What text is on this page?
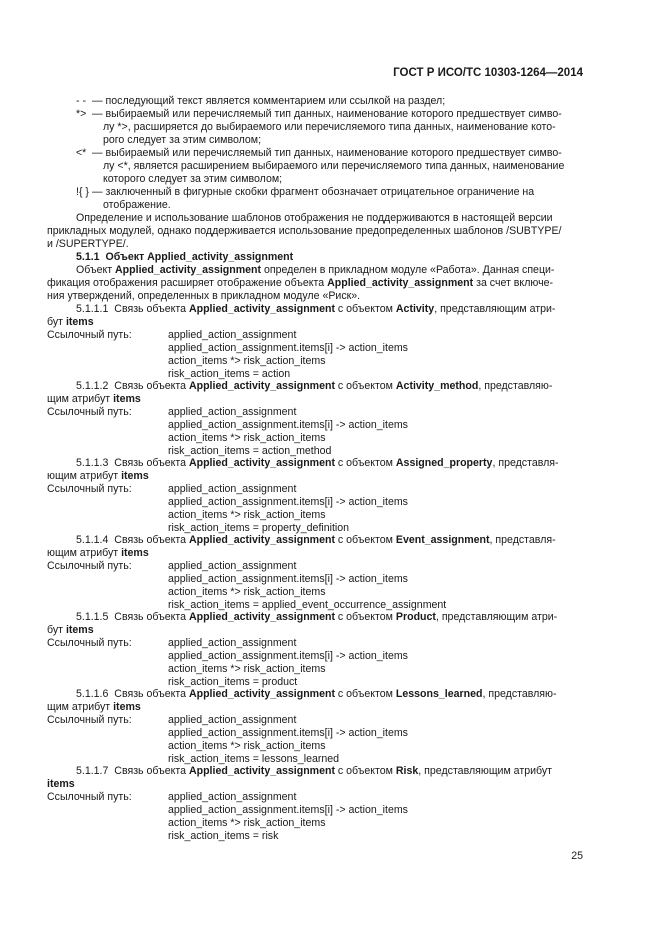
ГОСТ Р ИСО/ТС 10303-1264—2014
- - — последующий текст является комментарием или ссылкой на раздел;
*> — выбираемый или перечисляемый тип данных, наименование которого предшествует симво-
лу *>, расширяется до выбираемого или перечисляемого типа данных, наименование кото-
рого следует за этим символом;
<* — выбираемый или перечисляемый тип данных, наименование которого предшествует симво-
лу <*, является расширением выбираемого или перечисляемого типа данных, наименование
которого следует за этим символом;
!{ } — заключенный в фигурные скобки фрагмент обозначает отрицательное ограничение на
отображение.
Определение и использование шаблонов отображения не поддерживаются в настоящей версии
прикладных модулей, однако поддерживается использование предопределенных шаблонов /SUBTYPE/
и /SUPERTYPE/.
5.1.1 Объект Applied_activity_assignment
Объект Applied_activity_assignment определен в прикладном модуле «Работа». Данная специ-
фикация отображения расширяет отображение объекта Applied_activity_assignment за счет включе-
ния утверждений, определенных в прикладном модуле «Риск».
5.1.1.1 Связь объекта Applied_activity_assignment с объектом Activity, представляющим атри-
бут items
Ссылочный путь:	applied_action_assignment
applied_action_assignment.items[i] -> action_items
action_items *> risk_action_items
risk_action_items = action
5.1.1.2 Связь объекта Applied_activity_assignment с объектом Activity_method, представляю-
щим атрибут items
Ссылочный путь:	applied_action_assignment
applied_action_assignment.items[i] -> action_items
action_items *> risk_action_items
risk_action_items = action_method
5.1.1.3 Связь объекта Applied_activity_assignment с объектом Assigned_property, представля-
ющим атрибут items
Ссылочный путь:	applied_action_assignment
applied_action_assignment.items[i] -> action_items
action_items *> risk_action_items
risk_action_items = property_definition
5.1.1.4 Связь объекта Applied_activity_assignment с объектом Event_assignment, представля-
ющим атрибут items
Ссылочный путь:	applied_action_assignment
applied_action_assignment.items[i] -> action_items
action_items *> risk_action_items
risk_action_items = applied_event_occurrence_assignment
5.1.1.5 Связь объекта Applied_activity_assignment с объектом Product, представляющим атри-
бут items
Ссылочный путь:	applied_action_assignment
applied_action_assignment.items[i] -> action_items
action_items *> risk_action_items
risk_action_items = product
5.1.1.6 Связь объекта Applied_activity_assignment с объектом Lessons_learned, представляю-
щим атрибут items
Ссылочный путь:	applied_action_assignment
applied_action_assignment.items[i] -> action_items
action_items *> risk_action_items
risk_action_items = lessons_learned
5.1.1.7 Связь объекта Applied_activity_assignment с объектом Risk, представляющим атрибут
items
Ссылочный путь:	applied_action_assignment
applied_action_assignment.items[i] -> action_items
action_items *> risk_action_items
risk_action_items = risk
25
